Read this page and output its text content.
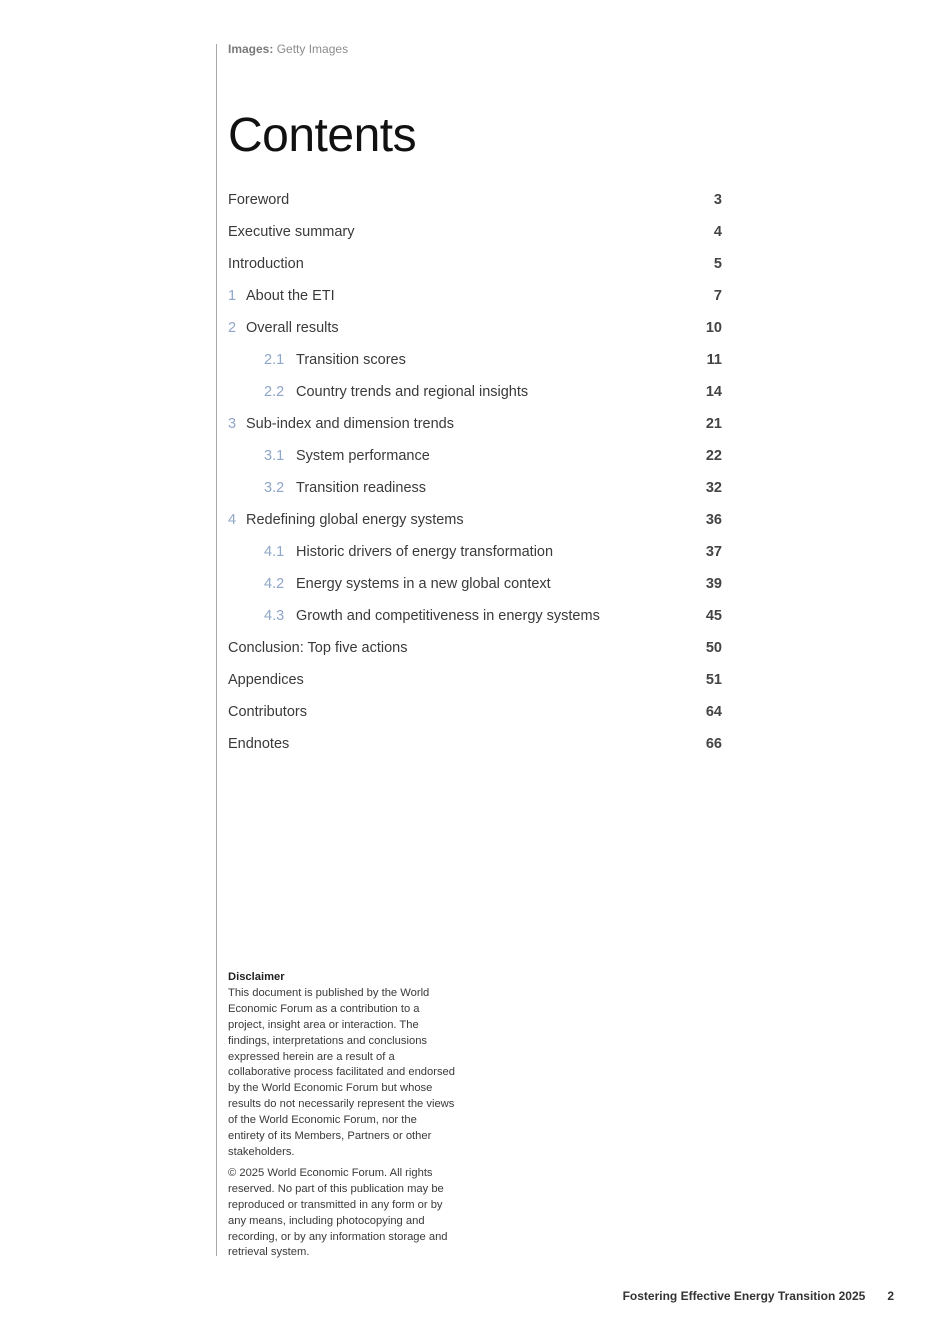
Images: Getty Images
Contents
Foreword	3
Executive summary	4
Introduction	5
1 About the ETI	7
2 Overall results	10
2.1 Transition scores	11
2.2 Country trends and regional insights	14
3 Sub-index and dimension trends	21
3.1 System performance	22
3.2 Transition readiness	32
4 Redefining global energy systems	36
4.1 Historic drivers of energy transformation	37
4.2 Energy systems in a new global context	39
4.3 Growth and competitiveness in energy systems	45
Conclusion: Top five actions	50
Appendices	51
Contributors	64
Endnotes	66
Disclaimer

This document is published by the World Economic Forum as a contribution to a project, insight area or interaction. The findings, interpretations and conclusions expressed herein are a result of a collaborative process facilitated and endorsed by the World Economic Forum but whose results do not necessarily represent the views of the World Economic Forum, nor the entirety of its Members, Partners or other stakeholders.

© 2025 World Economic Forum. All rights reserved. No part of this publication may be reproduced or transmitted in any form or by any means, including photocopying and recording, or by any information storage and retrieval system.

Fostering Effective Energy Transition 2025 2
